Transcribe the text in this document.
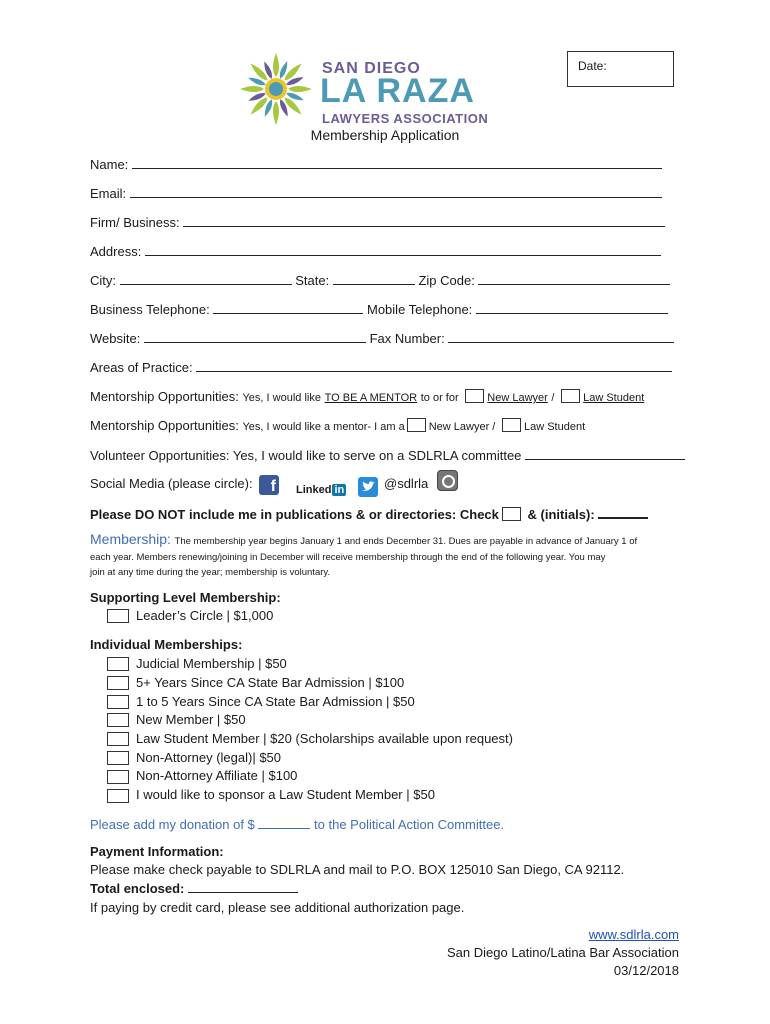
Date:
SAN DIEGO
LA RAZA
LAWYERS ASSOCIATION
Membership Application
Name:
Email:
Firm/ Business:
Address:
City:	State:	Zip Code:
Business Telephone:	Mobile Telephone:
Website:	Fax Number:
Areas of Practice:
Mentorship Opportunities: Yes, I would like TO BE A MENTOR to or for	New Lawyer /	Law Student
Mentorship Opportunities: Yes, I would like a mentor- I am a New Lawyer /	Law Student
Volunteer Opportunities: Yes, I would like to serve on a SDLRLA committee
Social Media (please circle):	f Linked in	@sdlrla
Please DO NOT include me in publications & or directories: Check & (initials):
Membership: The membership year begins January 1 and ends December 31. Dues are payable in advance of January 1 of
each year. Members renewing/joining in December will receive membership through the end of the following year. You may
join at any time during the year; membership is voluntary.
Supporting Level Membership:
Leader’s Circle | $1,000
Individual Memberships:
Judicial Membership | $50
5+ Years Since CA State Bar Admission | $100
1 to 5 Years Since CA State Bar Admission | $50
New Member | $50
Law Student Member | $20 (Scholarships available upon request)
Non-Attorney (legal)| $50
Non-Attorney Affiliate | $100
I would like to sponsor a Law Student Member | $50
Please add my donation of $	to the Political Action Committee.
Payment Information:
Please make check payable to SDLRLA and mail to P.O. BOX 125010 San Diego, CA 92112.
Total enclosed:
If paying by credit card, please see additional authorization page.
www.sdlrla.com
San Diego Latino/Latina Bar Association
03/12/2018
